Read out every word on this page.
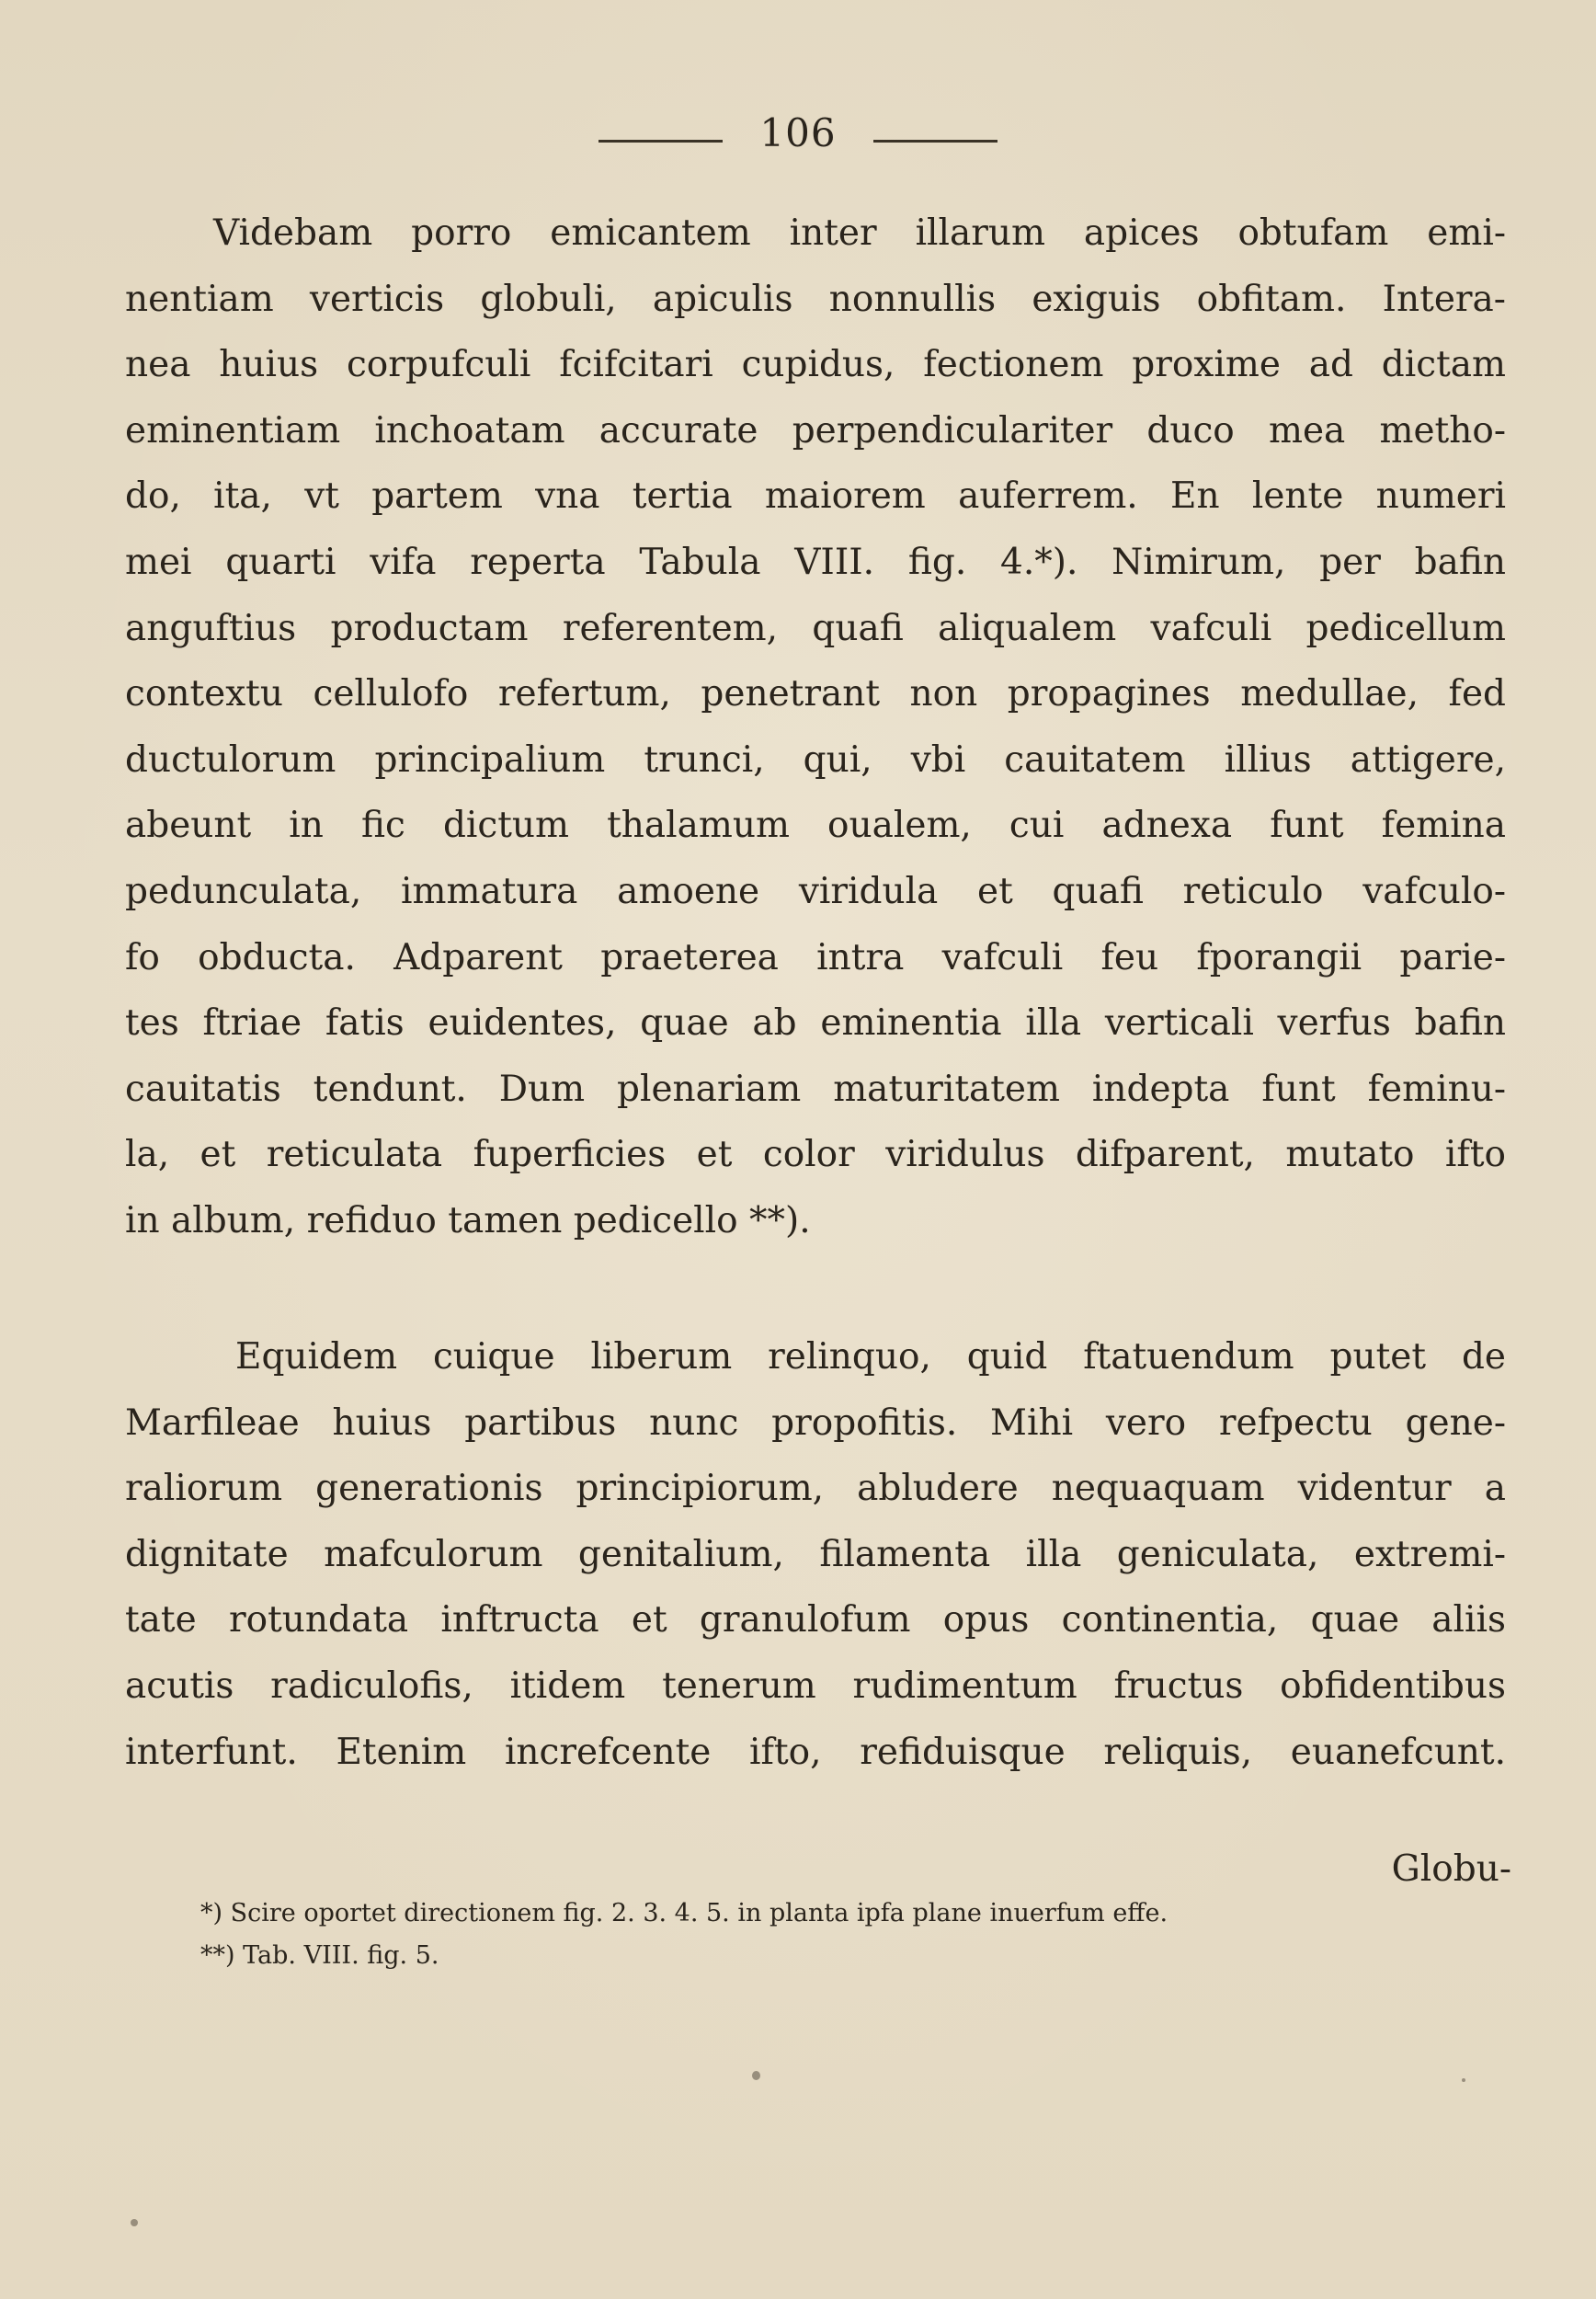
106
Videbam porro emicantem inter illarum apices obtufam emi-
nentiam verticis globuli, apiculis nonnullis exiguis obfitam. Intera-
nea huius corpufculi fcifcitari cupidus, fectionem proxime ad dictam
eminentiam inchoatam accurate perpendiculariter duco mea metho-
do, ita, vt partem vna tertia maiorem auferrem. En lente numeri
mei quarti vifa reperta Tabula VIII. fig. 4.*). Nimirum, per bafin
anguftius productam referentem, quafi aliqualem vafculi pedicellum
contextu cellulofo refertum, penetrant non propagines medullae, fed
ductulorum principalium trunci, qui, vbi cauitatem illius attigere,
abeunt in fic dictum thalamum oualem, cui adnexa funt femina
pedunculata, immatura amoene viridula et quafi reticulo vafculo-
fo obducta. Adparent praeterea intra vafculi feu fporangii parie-
tes ftriae fatis euidentes, quae ab eminentia illa verticali verfus bafin
cauitatis tendunt. Dum plenariam maturitatem indepta funt feminu-
la, et reticulata fuperficies et color viridulus difparent, mutato ifto
in album, refiduo tamen pedicello **).
Equidem cuique liberum relinquo, quid ftatuendum putet de
Marfileae huius partibus nunc propofitis. Mihi vero refpectu gene-
raliorum generationis principiorum, abludere nequaquam videntur a
dignitate mafculorum genitalium, filamenta illa geniculata, extremi-
tate rotundata inftructa et granulofum opus continentia, quae aliis
acutis radiculofis, itidem tenerum rudimentum fructus obfidentibus
interfunt. Etenim increfcente ifto, refiduisque reliquis, euanefcunt.
Globu-
*) Scire oportet directionem fig. 2. 3. 4. 5. in planta ipfa plane inuerfum effe.
**) Tab. VIII. fig. 5.
